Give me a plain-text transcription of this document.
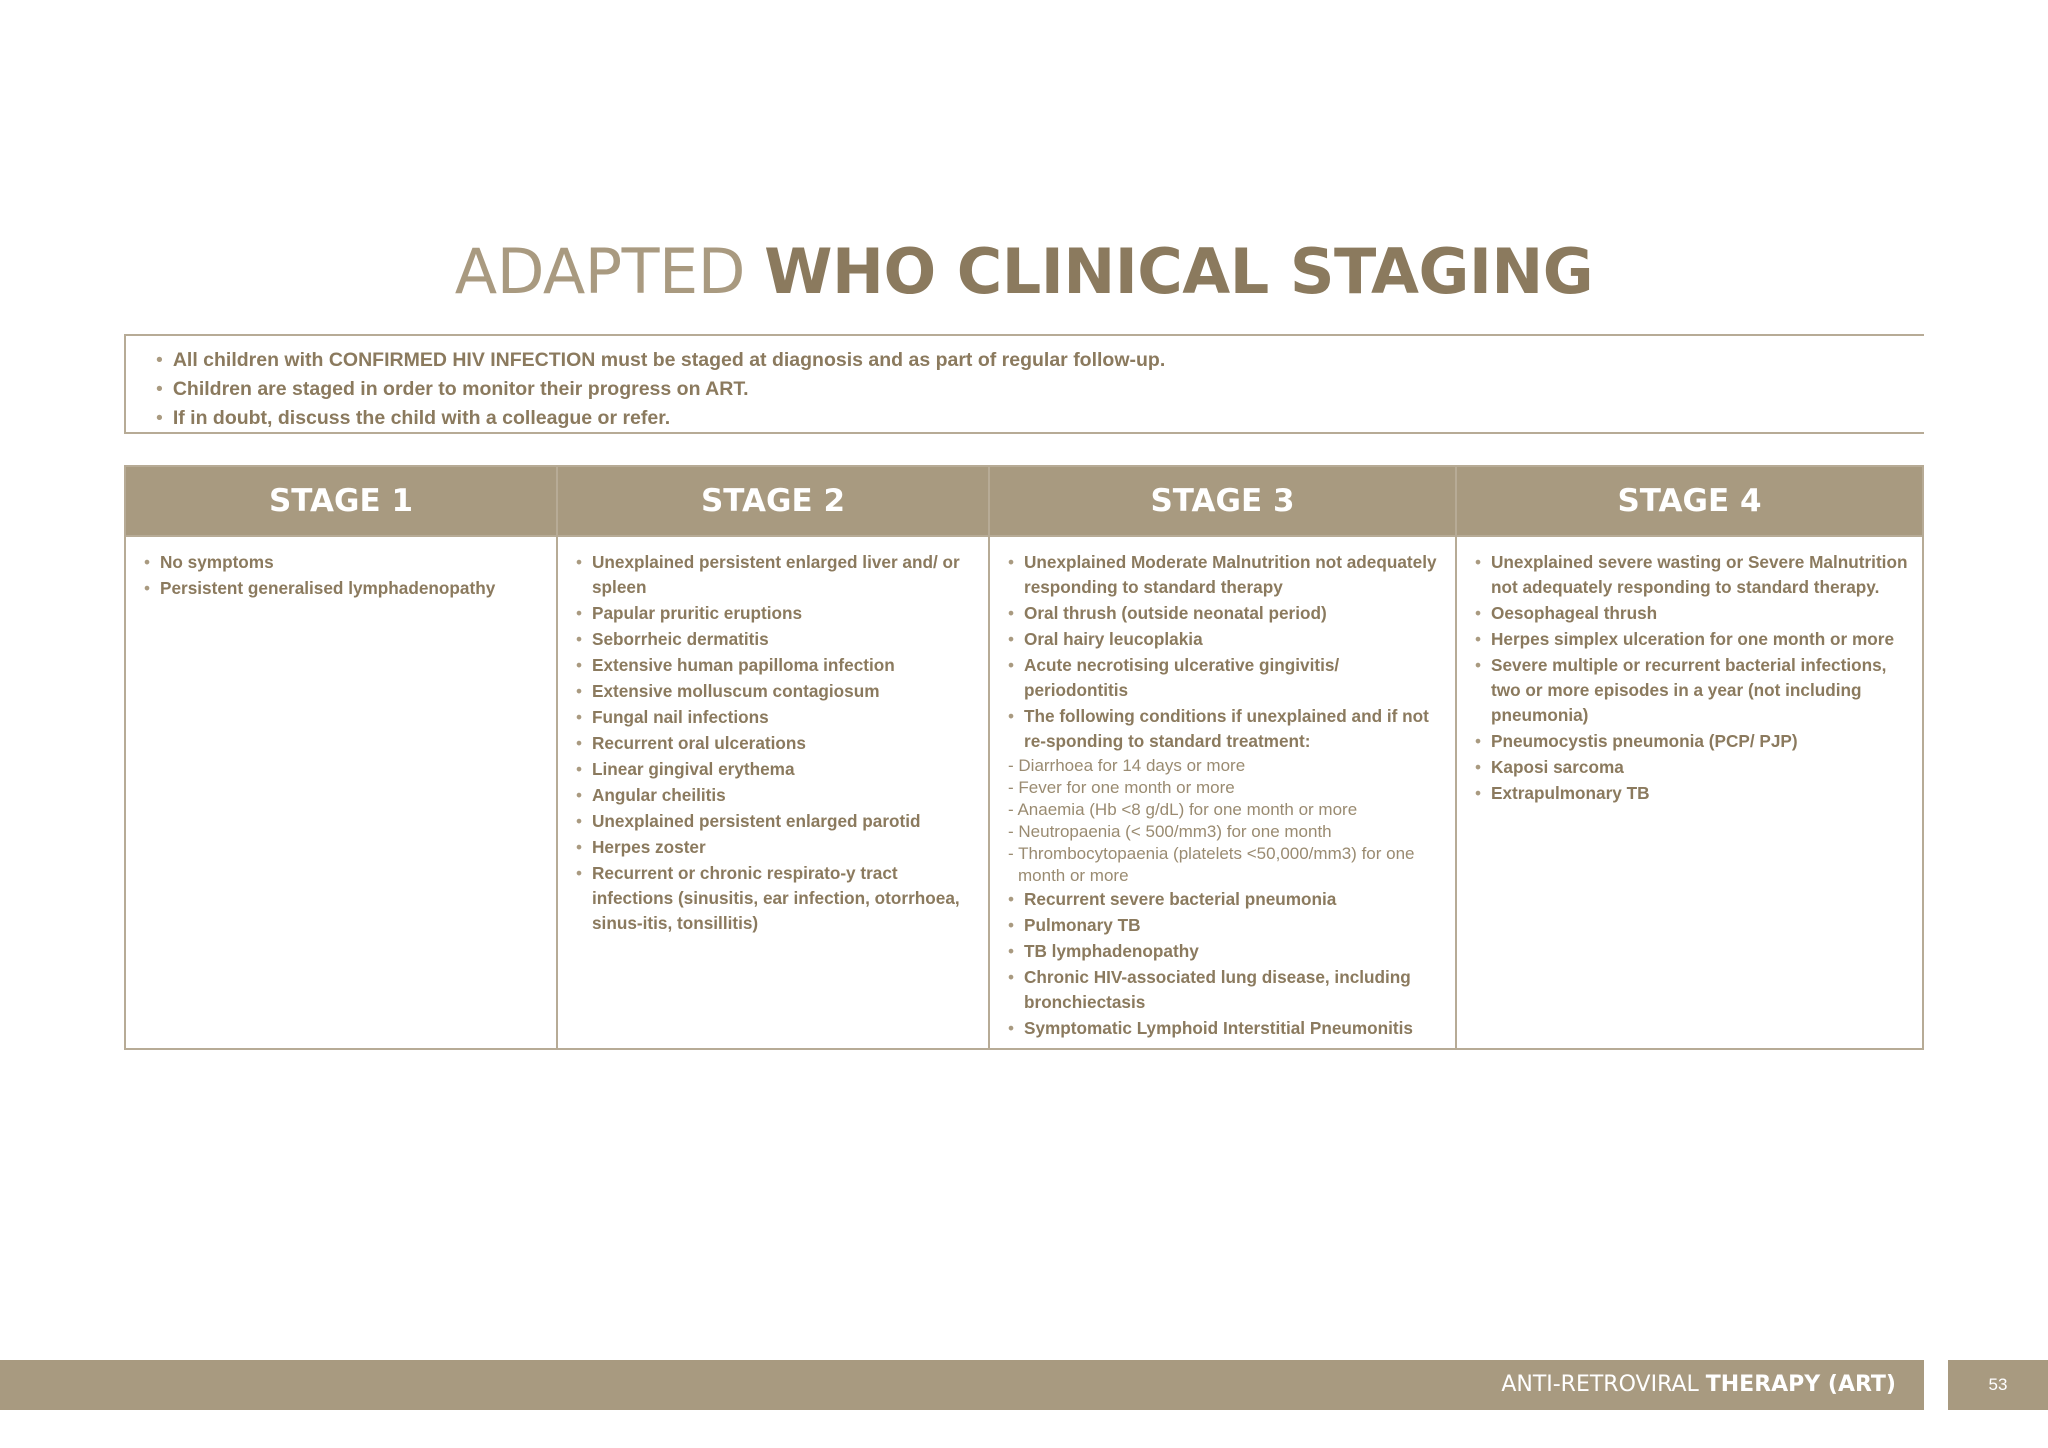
ADAPTED WHO CLINICAL STAGING
• All children with CONFIRMED HIV INFECTION must be staged at diagnosis and as part of regular follow-up.
• Children are staged in order to monitor their progress on ART.
• If in doubt, discuss the child with a colleague or refer.
STAGE 1
• No symptoms
• Persistent generalised lymphadenopathy
STAGE 2
• Unexplained persistent enlarged liver and/ or spleen
• Papular pruritic eruptions
• Seborrheic dermatitis
• Extensive human papilloma infection
• Extensive molluscum contagiosum
• Fungal nail infections
• Recurrent oral ulcerations
• Linear gingival erythema
• Angular cheilitis
• Unexplained persistent enlarged parotid
• Herpes zoster
• Recurrent or chronic respirato-y tract infections (sinusitis, ear infection, otorrhoea, sinus-itis, tonsillitis)
STAGE 3
• Unexplained Moderate Malnutrition not adequately responding to standard therapy
• Oral thrush (outside neonatal period)
• Oral hairy leucoplakia
• Acute necrotising ulcerative gingivitis/ periodontitis
• The following conditions if unexplained and if not re-sponding to standard treatment:
- Diarrhoea for 14 days or more
- Fever for one month or more
- Anaemia (Hb <8 g/dL) for one month or more
- Neutropaenia (< 500/mm3) for one month
- Thrombocytopaenia (platelets <50,000/mm3) for one month or more
• Recurrent severe bacterial pneumonia
• Pulmonary TB
• TB lymphadenopathy
• Chronic HIV-associated lung disease, including bronchiectasis
• Symptomatic Lymphoid Interstitial Pneumonitis
STAGE 4
• Unexplained severe wasting or Severe Malnutrition not adequately responding to standard therapy.
• Oesophageal thrush
• Herpes simplex ulceration for one month or more
• Severe multiple or recurrent bacterial infections, two or more episodes in a year (not including pneumonia)
• Pneumocystis pneumonia (PCP/ PJP)
• Kaposi sarcoma
• Extrapulmonary TB
ANTI-RETROVIRAL THERAPY (ART)	53
